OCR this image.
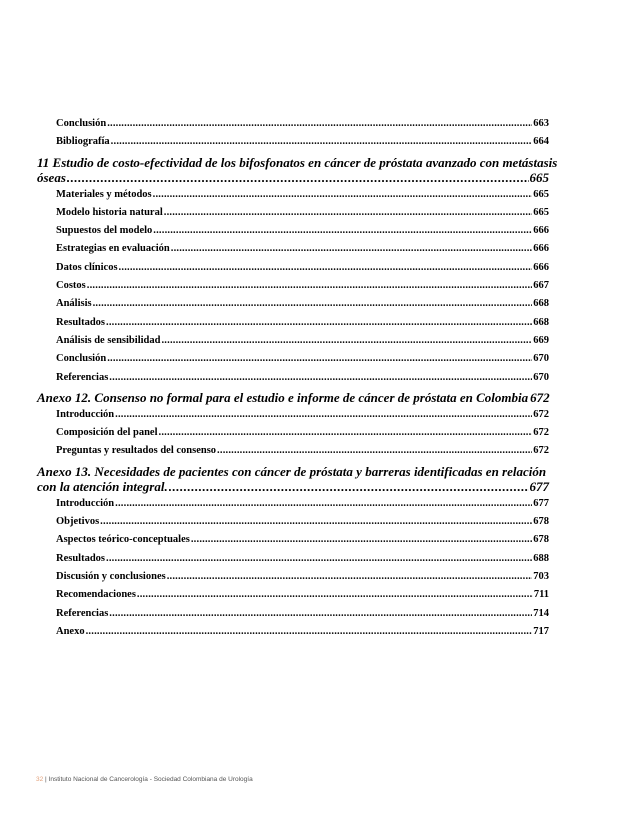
Conclusión .....	663
Bibliografía .....	664
11 Estudio de costo-efectividad de los bifosfonatos en cáncer de próstata avanzado con metástasis
óseas .....	665
Materiales y métodos .....	665
Modelo historia natural .....	665
Supuestos del modelo .....	666
Estrategias en evaluación .....	666
Datos clínicos .....	666
Costos .....	667
Análisis .....	668
Resultados .....	668
Análisis de sensibilidad .....	669
Conclusión .....	670
Referencias .....	670
Anexo 12. Consenso no formal para el estudio e informe de cáncer de próstata en Colombia 672
Introducción .....	672
Composición del panel .....	672
Preguntas y resultados del consenso .....	672
Anexo 13. Necesidades de pacientes con cáncer de próstata y barreras identificadas en relación
con la atención integral. .....	677
Introducción .....	677
Objetivos .....	678
Aspectos teórico-conceptuales .....	678
Resultados .....	688
Discusión y conclusiones .....	703
Recomendaciones .....	711
Referencias .....	714
Anexo .....	717
32 | Instituto Nacional de Cancerología - Sociedad Colombiana de Urología
